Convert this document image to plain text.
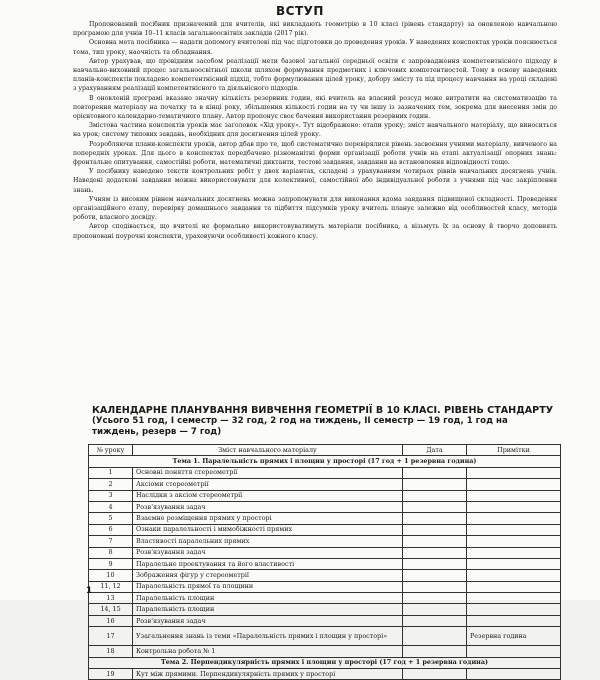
ВСТУП

Пропонований посібник призначений для вчителів, які викладають геометрію в 10 класі (рівень стандарту) за оновленою навчальною програмою для учнів 10–11 класів загальноосвітніх закладів (2017 рік).

Основна мета посібника — надати допомогу вчителеві під час підготовки до проведення уроків. У наведених конспектах уроків пояснюється тема, тип уроку, наочність та обладнання.

Автор урахував, що провідним засобом реалізації мети базової загальної середньої освіти є запровадження компетентнісного підходу в навчально-виховний процес загальноосвітньої школи шляхом формування предметних і ключових компетентностей. Тому в основу наведених планів-конспектів покладено компетентнісний підхід, тобто формулювання цілей уроку, добору змісту та під процесу навчання на уроці складені з урахуванням реалізації компетентнісного та діяльнісного підходів.

В оновленій програмі вказано значну кількість резервних годин, які вчитель на власний розсуд може витратити на систематизацію та повторення матеріалу на початку та в кінці року, збільшення кількості годин на ту чи іншу із зазначених тем, зокрема для внесення змін до орієнтовного календарно-тематичного плану. Автор пропонує своє бачення використання резервних годин.

Змістова частина конспектів уроків має заголовок «Хід уроку». Тут відображено: етапи уроку; зміст навчального матеріалу, що виноситься на урок; систему типових завдань, необхідних для досягнення цілей уроку.

Розробляючи плани-конспекти уроків, автор дбав про те, щоб систематично перевірялися рівень засвоєння учнями матеріалу, вивченого на попередніх уроках. Для цього в конспектах передбачено різноманітні форми організації роботи учнів на етапі актуалізації опорних знань: фронтальне опитування, самостійні роботи, математичні диктанти, тестові завдання, завдання на встановлення відповідності тощо.

У посібнику наведено тексти контрольних робіт у двох варіантах, складені з урахуванням чотирьох рівнів навчальних досягнень учнів. Наведені додаткові завдання можна використовувати для колективної, самостійної або індивідуальної роботи з учнями під час закріплення знань.

Учням із високим рівнем навчальних досягнень можна запропонувати для виконання вдома завдання підвищеної складності. Проведення організаційного етапу, перевірку домашнього завдання та підбиття підсумків уроку вчитель планує залежно від особливостей класу, методів роботи, власного досвіду.

Автор сподівається, що вчителі не формально використовуватимуть матеріали посібника, а візьмуть їх за основу й творчо доповнять пропоновані поурочні конспекти, ураховуючи особливості кожного класу.

КАЛЕНДАРНЕ ПЛАНУВАННЯ ВИВЧЕННЯ ГЕОМЕТРІЇ В 10 КЛАСІ. РІВЕНЬ СТАНДАРТУ
(Усього 51 год, І семестр — 32 год, 2 год на тиждень, ІІ семестр — 19 год, 1 год на тиждень, резерв — 7 год)
№ уроку	Зміст навчального матеріалу	Дата	Примітки
Тема 1. Паралельність прямих і площин у просторі (17 год + 1 резервна година)			
1	Основні поняття стереометрії		
2	Аксіоми стереометрії		
3	Наслідки з аксіом стереометрії		
4	Розв'язування задач		
5	Взаємне розміщення прямих у просторі		
6	Ознаки паралельності і мимобіжності прямих		
7	Властивості паралельних прямих		
8	Розв'язування задач		
9	Паралельне проектування та його властивості		
10	Зображення фігур у стереометрії		
11, 12	Паралельність прямої та площини		
13	Паралельність площин		
14, 15	Паралельність площин		
16	Розв'язування задач		
17	Узагальнення знань із теми «Паралельність прямих і площин у просторі»		Резервна година
18	Контрольна робота № 1		
Тема 2. Перпендикулярність прямих і площин у просторі (17 год + 1 резервна година)			
19	Кут між прямими. Перпендикулярність прямих у просторі		
1
